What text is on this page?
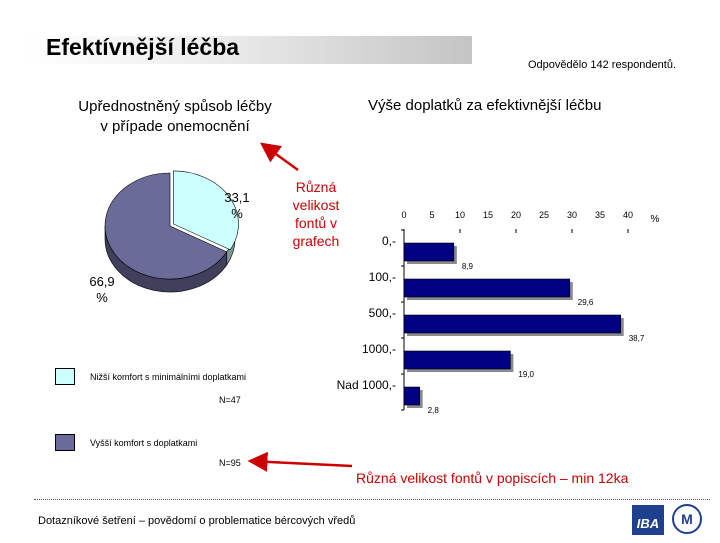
Efektívnější léčba
Odpovědělo 142 respondentů.
Upřednostněný spůsob léčby
v případe onemocnění
Výše doplatků za efektivnější léčbu
Různá
velikost
fontů v
grafech
0	5 10 15 20 25 30 35 40 %
0,-
8,9
100,-
29,6
500,-
38,7
1000,-
19,0
Nad 1000,-
2,8
33,1
%
66,9
%
Nižší komfort s minimálními doplatkami
N=47
Vyšší komfort s doplatkami
N=95
Různá velikost fontů v popiscích – min 12ka
Dotazníkové šetření – povědomí o problematice bércových vředů	IBA	M
